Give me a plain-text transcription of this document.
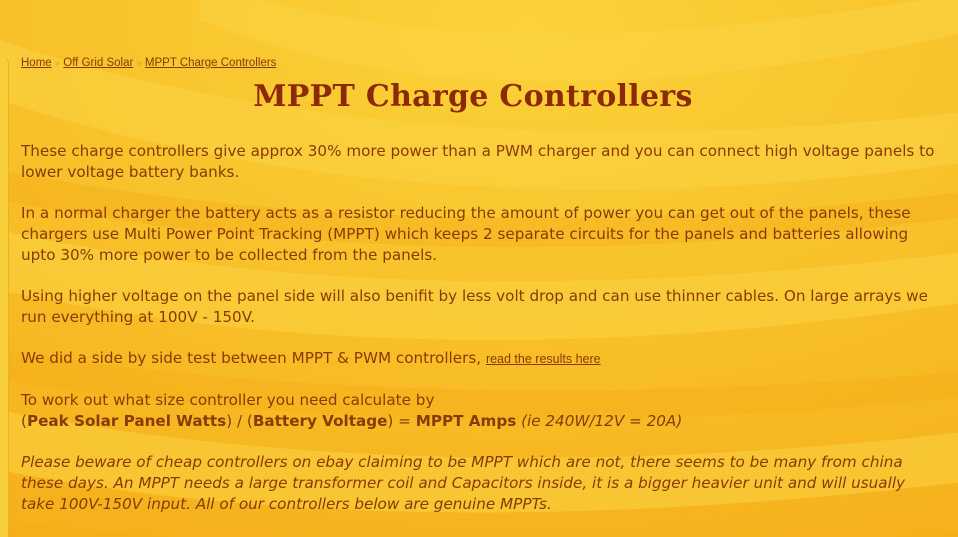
Home » Off Grid Solar » MPPT Charge Controllers
MPPT Charge Controllers

These charge controllers give approx 30% more power than a PWM charger and you can connect high voltage panels to lower voltage battery banks.

In a normal charger the battery acts as a resistor reducing the amount of power you can get out of the panels, these chargers use Multi Power Point Tracking (MPPT) which keeps 2 separate circuits for the panels and batteries allowing upto 30% more power to be collected from the panels.

Using higher voltage on the panel side will also benifit by less volt drop and can use thinner cables. On large arrays we run everything at 100V - 150V.

We did a side by side test between MPPT & PWM controllers, read the results here

To work out what size controller you need calculate by
(Peak Solar Panel Watts) / (Battery Voltage) = MPPT Amps (ie 240W/12V = 20A)

Please beware of cheap controllers on ebay claiming to be MPPT which are not, there seems to be many from china these days. An MPPT needs a large transformer coil and Capacitors inside, it is a bigger heavier unit and will usually take 100V-150V input. All of our controllers below are genuine MPPTs.
